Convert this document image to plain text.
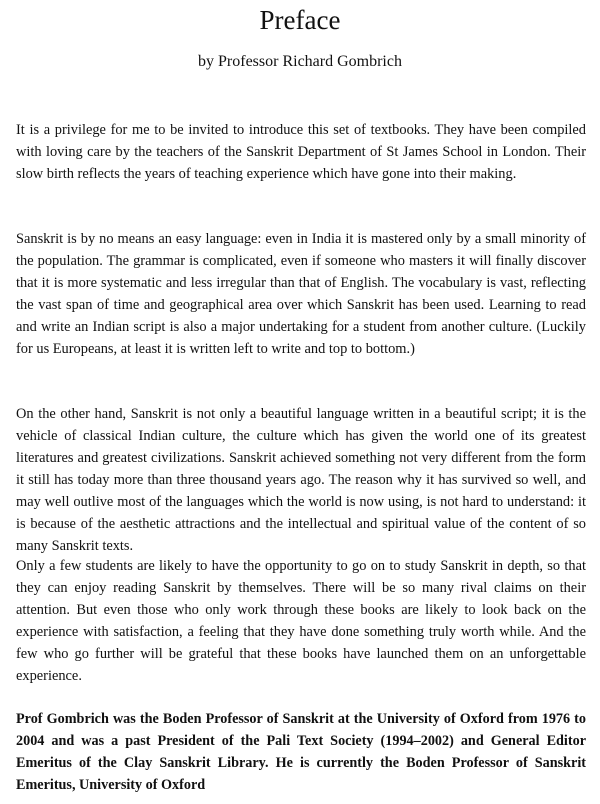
Preface

by Professor Richard Gombrich

It is a privilege for me to be invited to introduce this set of textbooks. They have been compiled with loving care by the teachers of the Sanskrit Department of St James School in London. Their slow birth reflects the years of teaching experience which have gone into their making.

Sanskrit is by no means an easy language: even in India it is mastered only by a small minority of the population. The grammar is complicated, even if someone who masters it will finally discover that it is more systematic and less irregular than that of English. The vocabulary is vast, reflecting the vast span of time and geographical area over which Sanskrit has been used. Learning to read and write an Indian script is also a major undertaking for a student from another culture. (Luckily for us Europeans, at least it is written left to write and top to bottom.)

On the other hand, Sanskrit is not only a beautiful language written in a beautiful script; it is the vehicle of classical Indian culture, the culture which has given the world one of its greatest literatures and greatest civilizations. Sanskrit achieved something not very different from the form it still has today more than three thousand years ago. The reason why it has survived so well, and may well outlive most of the languages which the world is now using, is not hard to understand: it is because of the aesthetic attractions and the intellectual and spiritual value of the content of so many Sanskrit texts.

Only a few students are likely to have the opportunity to go on to study Sanskrit in depth, so that they can enjoy reading Sanskrit by themselves. There will be so many rival claims on their attention. But even those who only work through these books are likely to look back on the experience with satisfaction, a feeling that they have done something truly worth while. And the few who go further will be grateful that these books have launched them on an unforgettable experience.

Prof Gombrich was the Boden Professor of Sanskrit at the University of Oxford from 1976 to 2004 and was a past President of the Pali Text Society (1994–2002) and General Editor Emeritus of the Clay Sanskrit Library. He is currently the Boden Professor of Sanskrit Emeritus, University of Oxford
